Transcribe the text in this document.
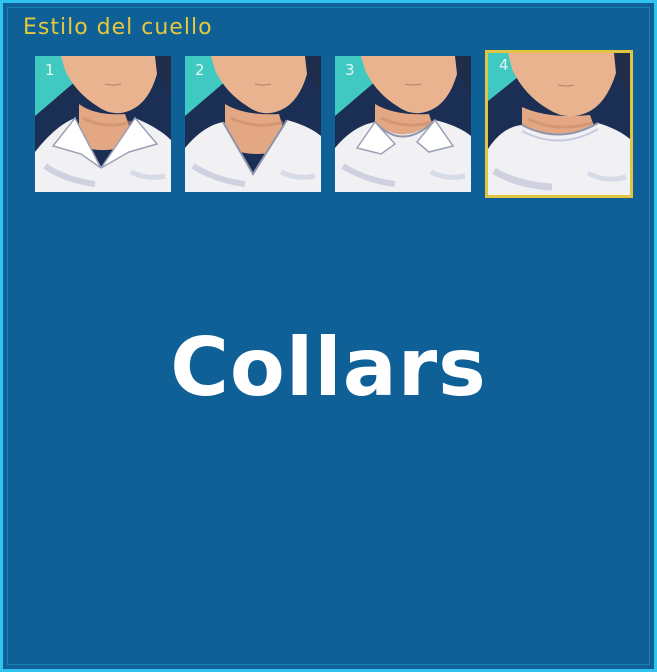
Estilo del cuello
1	2	3	4
Collars
